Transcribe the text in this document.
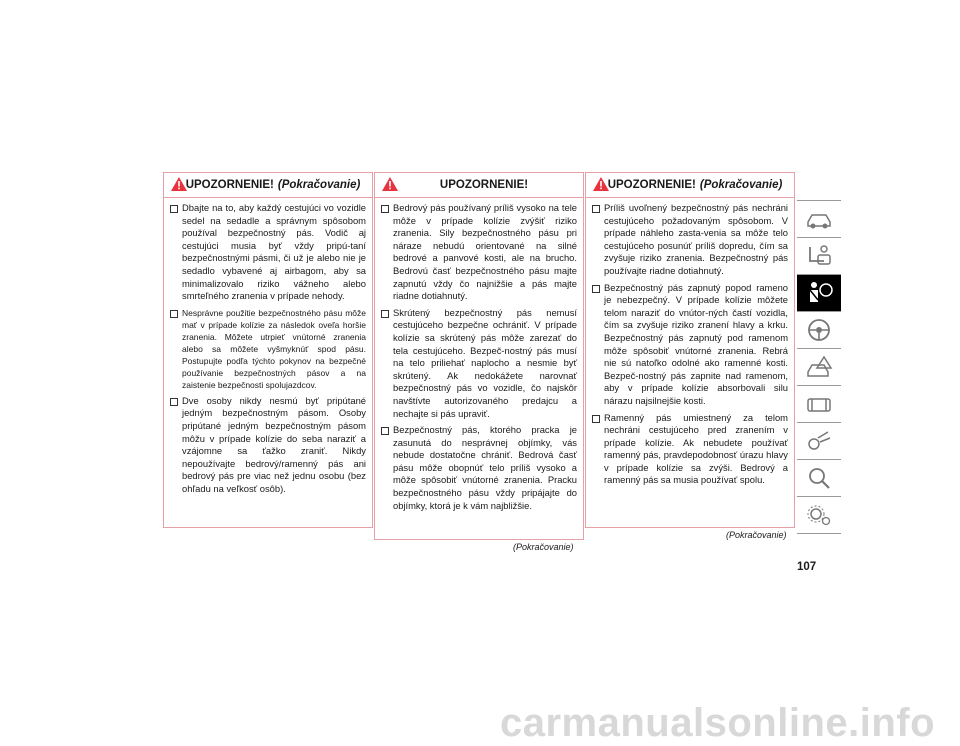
UPOZORNENIE! (Pokračovanie)
Dbajte na to, aby každý cestujúci vo vozidle sedel na sedadle a správnym spôsobom používal bezpečnostný pás. Vodič aj cestujúci musia byť vždy pripú-taní bezpečnostnými pásmi, či už je alebo nie je sedadlo vybavené aj airbagom, aby sa minimalizovalo riziko vážneho alebo smrteľného zranenia v prípade nehody.
Nesprávne použitie bezpečnostného pásu môže mať v prípade kolízie za následok oveľa horšie zranenia. Môžete utrpieť vnútorné zranenia alebo sa môžete vyšmyknúť spod pásu. Postupujte podľa týchto pokynov na bezpečné používanie bezpečnostných pásov a na zaistenie bezpečnosti spolujazdcov.
Dve osoby nikdy nesmú byť pripútané jedným bezpečnostným pásom. Osoby pripútané jedným bezpečnostným pásom môžu v prípade kolízie do seba naraziť a vzájomne sa ťažko zraniť. Nikdy nepoužívajte bedrový/ramenný pás ani bedrový pás pre viac než jednu osobu (bez ohľadu na veľkosť osôb).
UPOZORNENIE!
Bedrový pás používaný príliš vysoko na tele môže v prípade kolízie zvýšiť riziko zranenia. Sily bezpečnostného pásu pri náraze nebudú orientované na silné bedrové a panvové kosti, ale na brucho. Bedrovú časť bezpečnostného pásu majte zapnutú vždy čo najnižšie a pás majte riadne dotiahnutý.
Skrútený bezpečnostný pás nemusí cestujúceho bezpečne ochrániť. V prípade kolízie sa skrútený pás môže zarezať do tela cestujúceho. Bezpeč-nostný pás musí na telo priliehať naplocho a nesmie byť skrútený. Ak nedokážete narovnať bezpečnostný pás vo vozidle, čo najskôr navštívte autorizovaného predajcu a nechajte si pás upraviť.
Bezpečnostný pás, ktorého pracka je zasunutá do nesprávnej objímky, vás nebude dostatočne chrániť. Bedrová časť pásu môže obopnúť telo príliš vysoko a môže spôsobiť vnútorné zranenia. Pracku bezpečnostného pásu vždy pripájajte do objímky, ktorá je k vám najbližšie.
(Pokračovanie)
UPOZORNENIE! (Pokračovanie)
Príliš uvoľnený bezpečnostný pás nechráni cestujúceho požadovaným spôsobom. V prípade náhleho zasta-venia sa môže telo cestujúceho posunúť príliš dopredu, čím sa zvyšuje riziko zranenia. Bezpečnostný pás používajte riadne dotiahnutý.
Bezpečnostný pás zapnutý popod rameno je nebezpečný. V prípade kolízie môžete telom naraziť do vnútor-ných častí vozidla, čím sa zvyšuje riziko zranení hlavy a krku. Bezpečnostný pás zapnutý pod ramenom môže spôsobiť vnútorné zranenia. Rebrá nie sú natoľko odolné ako ramenné kosti. Bezpeč-nostný pás zapnite nad ramenom, aby v prípade kolízie absorbovali silu nárazu najsilnejšie kosti.
Ramenný pás umiestnený za telom nechráni cestujúceho pred zranením v prípade kolízie. Ak nebudete používať ramenný pás, pravdepodobnosť úrazu hlavy v prípade kolízie sa zvýši. Bedrový a ramenný pás sa musia používať spolu.
(Pokračovanie)
107
carmanualsonline.info
